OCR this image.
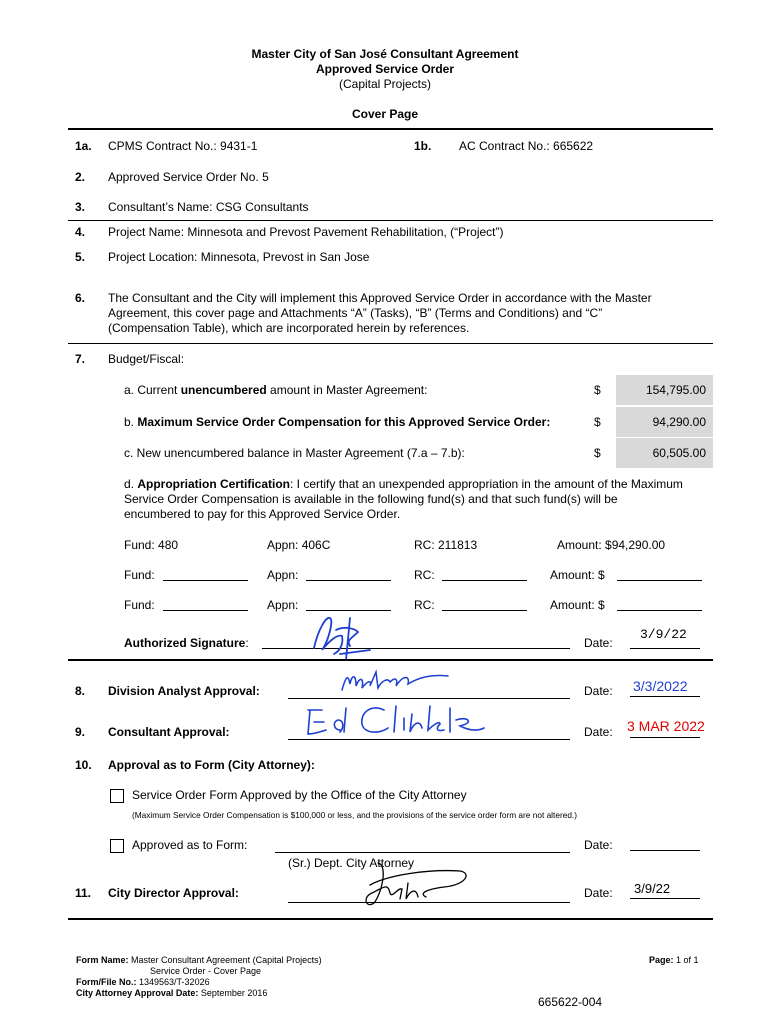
Master City of San José Consultant Agreement
Approved Service Order
(Capital Projects)
Cover Page
1a. CPMS Contract No.: 9431-1	1b. AC Contract No.: 665622
2. Approved Service Order No. 5
3. Consultant’s Name: CSG Consultants
4. Project Name: Minnesota and Prevost Pavement Rehabilitation, (“Project”)
5. Project Location: Minnesota, Prevost in San Jose
6. The Consultant and the City will implement this Approved Service Order in accordance with the Master
Agreement, this cover page and Attachments “A” (Tasks), “B” (Terms and Conditions) and “C”
(Compensation Table), which are incorporated herein by references.
7. Budget/Fiscal:
a. Current unencumbered amount in Master Agreement:	$	154,795.00
b. Maximum Service Order Compensation for this Approved Service Order:	$	94,290.00
c. New unencumbered balance in Master Agreement (7.a – 7.b):	$	60,505.00
d. Appropriation Certification: I certify that an unexpended appropriation in the amount of the Maximum
Service Order Compensation is available in the following fund(s) and that such fund(s) will be
encumbered to pay for this Approved Service Order.
Fund: 480	Appn: 406C	RC: 211813	Amount: $94,290.00
Fund:	Appn:	RC:	Amount: $
Fund:	Appn:	RC:	Amount: $
Authorized Signature:	Date:
3/9/22
8. Division Analyst Approval:	Date: 3/3/2022
9. Consultant Approval:	Date: 3 MAR 2022
10. Approval as to Form (City Attorney):
Service Order Form Approved by the Office of the City Attorney
(Maximum Service Order Compensation is $100,000 or less, and the provisions of the service order form are not altered.)
Approved as to Form:	Date:
(Sr.) Dept. City Attorney
11. City Director Approval:	Date: 3/9/22
Form Name: Master Consultant Agreement (Capital Projects)
Service Order - Cover Page
Form/File No.: 1349563/T-32026
City Attorney Approval Date: September 2016
Page: 1 of 1
665622-004
